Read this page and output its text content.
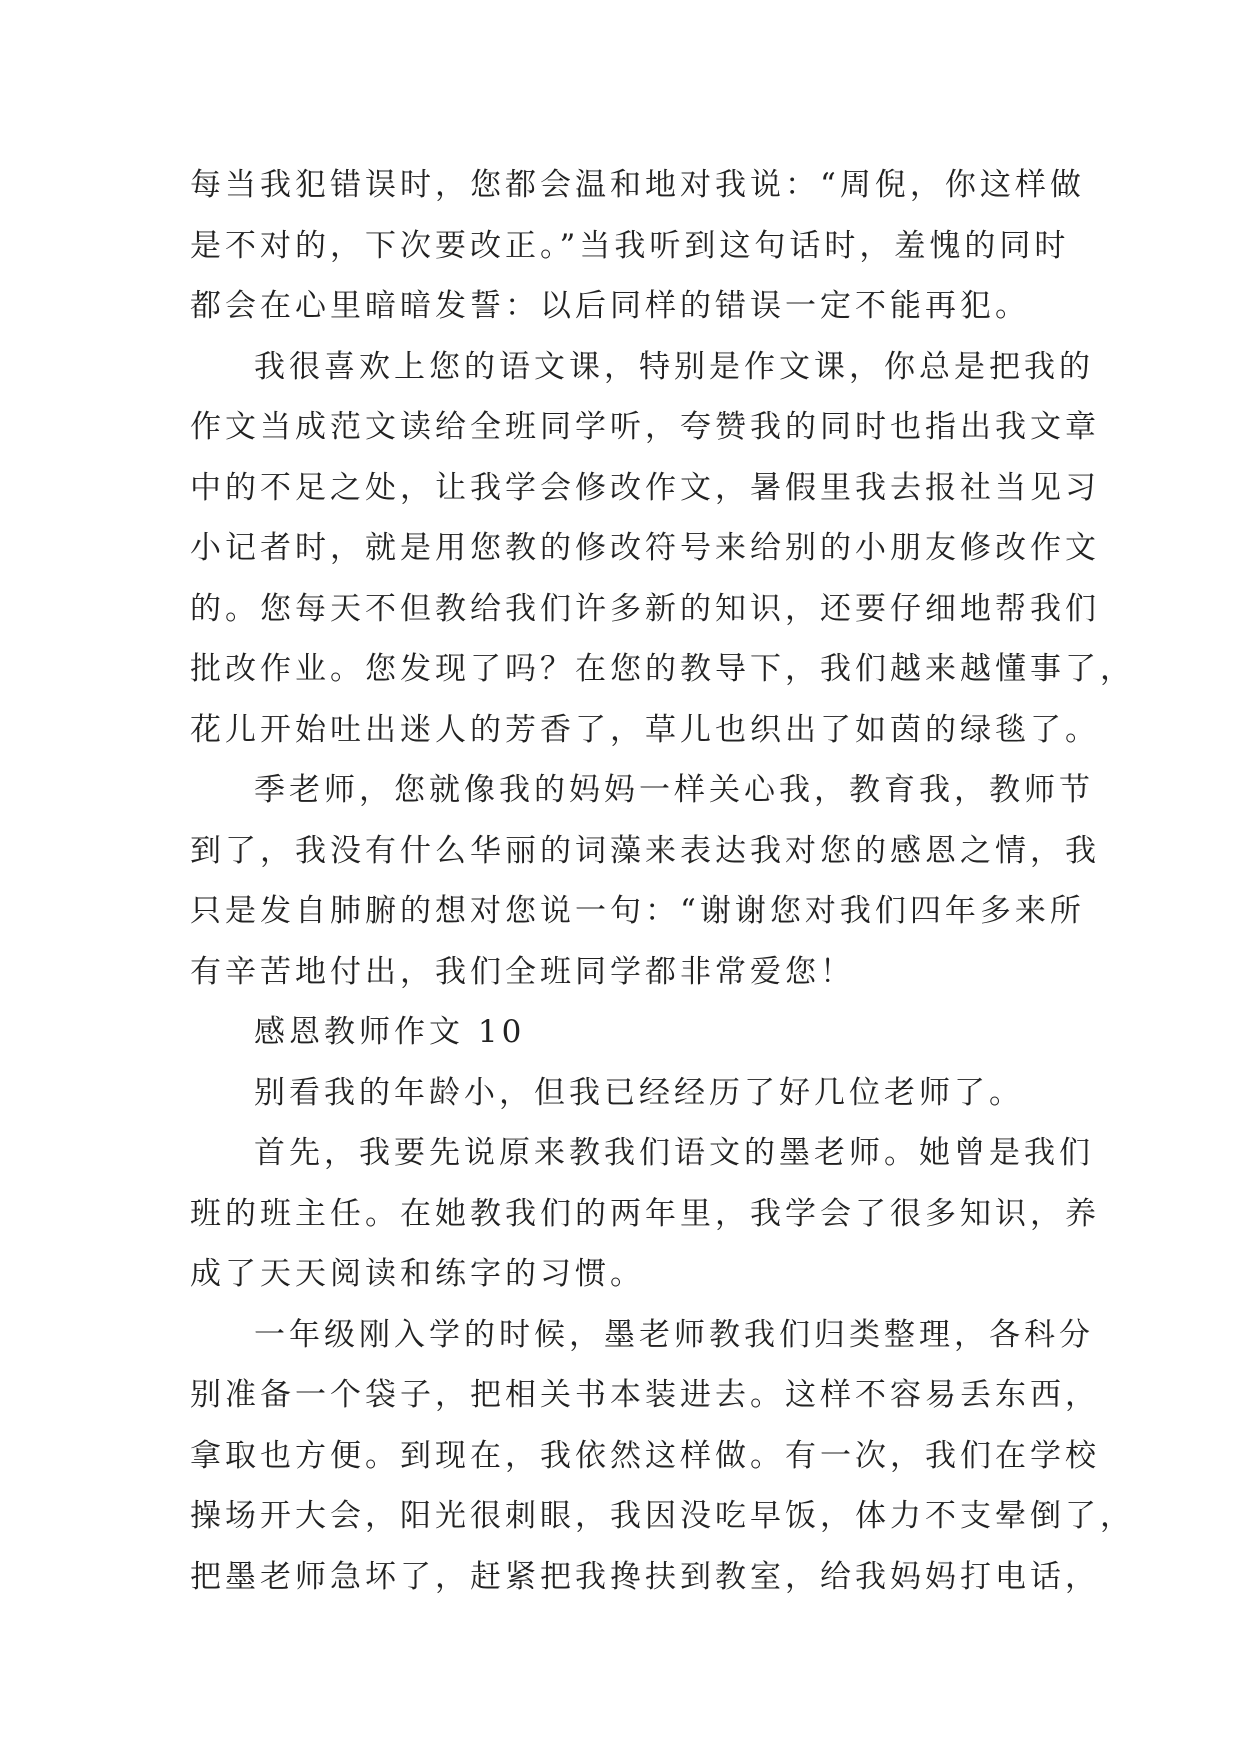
每当我犯错误时，您都会温和地对我说：“周倪，你这样做
是不对的，下次要改正。”当我听到这句话时，羞愧的同时
都会在心里暗暗发誓：以后同样的错误一定不能再犯。
我很喜欢上您的语文课，特别是作文课，你总是把我的
作文当成范文读给全班同学听，夸赞我的同时也指出我文章
中的不足之处，让我学会修改作文，暑假里我去报社当见习
小记者时，就是用您教的修改符号来给别的小朋友修改作文
的。您每天不但教给我们许多新的知识，还要仔细地帮我们
批改作业。您发现了吗？在您的教导下，我们越来越懂事了，
花儿开始吐出迷人的芳香了，草儿也织出了如茵的绿毯了。
季老师，您就像我的妈妈一样关心我，教育我，教师节
到了，我没有什么华丽的词藻来表达我对您的感恩之情，我
只是发自肺腑的想对您说一句：“谢谢您对我们四年多来所
有辛苦地付出，我们全班同学都非常爱您！
感恩教师作文 10
别看我的年龄小，但我已经经历了好几位老师了。
首先，我要先说原来教我们语文的墨老师。她曾是我们
班的班主任。在她教我们的两年里，我学会了很多知识，养
成了天天阅读和练字的习惯。
一年级刚入学的时候，墨老师教我们归类整理，各科分
别准备一个袋子，把相关书本装进去。这样不容易丢东西，
拿取也方便。到现在，我依然这样做。有一次，我们在学校
操场开大会，阳光很刺眼，我因没吃早饭，体力不支晕倒了，
把墨老师急坏了，赶紧把我搀扶到教室，给我妈妈打电话，
